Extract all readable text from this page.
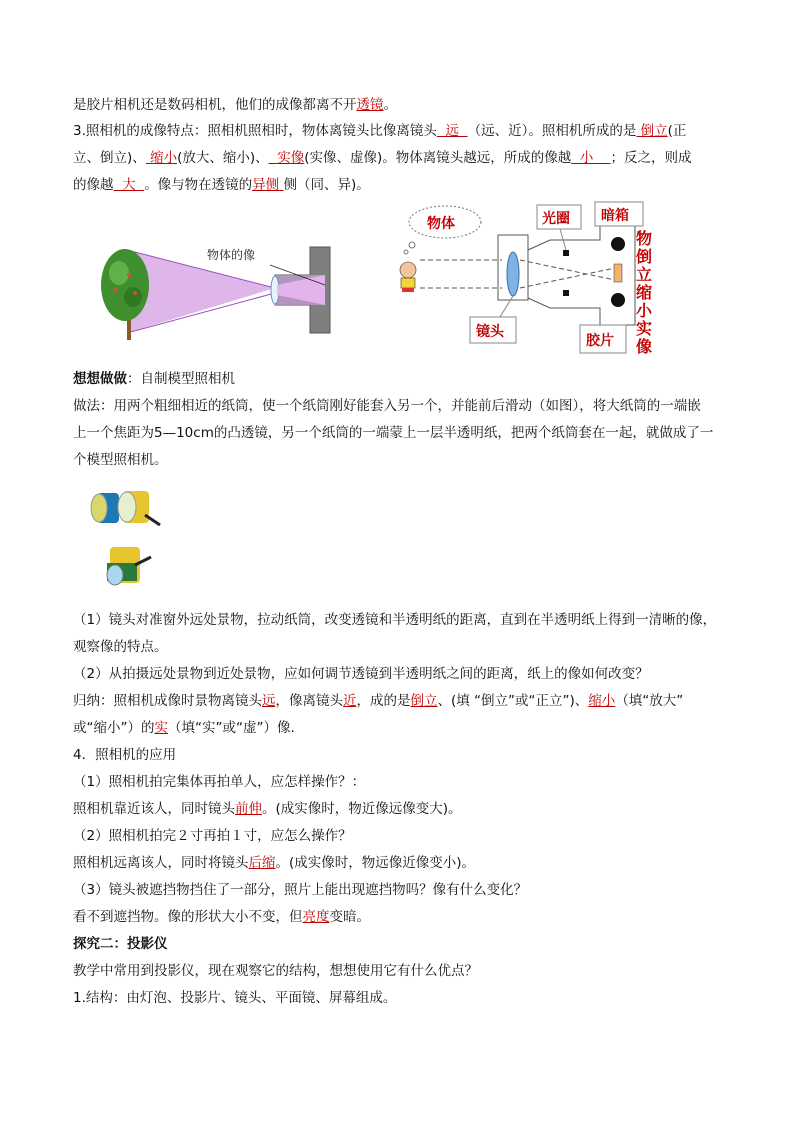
是胶片相机还是数码相机，他们的成像都离不开透镜。
3.照相机的成像特点：照相机照相时，物体离镜头比像离镜头 远 （远、近）。照相机所成的是 倒立(正
立、倒立)、 缩小(放大、缩小)、 实像(实像、虚像)。物体离镜头越远，所成的像越 小 ；反之，则成
的像越 大 。像与物在透镜的异侧 侧（同、异)。
物体的像
物体	光圈 暗箱
镜头
胶片
物
倒
立
缩
小
实
像
想想做做：自制模型照相机
做法：用两个粗细相近的纸筒，使一个纸筒刚好能套入另一个，并能前后滑动（如图），将大纸筒的一端嵌
上一个焦距为5—10cm的凸透镜，另一个纸筒的一端蒙上一层半透明纸，把两个纸筒套在一起，就做成了一
个模型照相机。
（1）镜头对准窗外远处景物，拉动纸筒，改变透镜和半透明纸的距离，直到在半透明纸上得到一清晰的像，
观察像的特点。
（2）从拍摄远处景物到近处景物，应如何调节透镜到半透明纸之间的距离，纸上的像如何改变？
归纳：照相机成像时景物离镜头远，像离镜头近，成的是倒立、(填 “倒立”或“正立”)、缩小（填“放大”
或“缩小”）的实（填“实”或“虚”）像.
4．照相机的应用
（1）照相机拍完集体再拍单人，应怎样操作？：
照相机靠近该人，同时镜头前伸。(成实像时，物近像远像变大)。
（2）照相机拍完２寸再拍１寸，应怎么操作？
照相机远离该人，同时将镜头后缩。(成实像时，物远像近像变小)。
（3）镜头被遮挡物挡住了一部分，照片上能出现遮挡物吗？像有什么变化？
看不到遮挡物。像的形状大小不变，但亮度变暗。
探究二：投影仪
教学中常用到投影仪，现在观察它的结构，想想使用它有什么优点？
1.结构：由灯泡、投影片、镜头、平面镜、屏幕组成。
